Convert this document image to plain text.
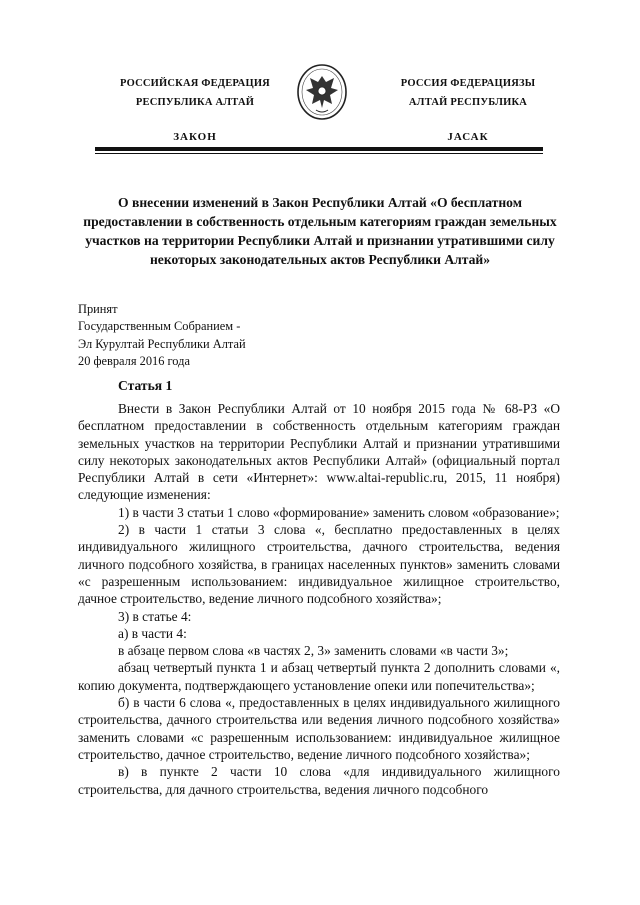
РОССИЙСКАЯ ФЕДЕРАЦИЯ
РЕСПУБЛИКА АЛТАЙ
ЗАКОН
РОССИЯ ФЕДЕРАЦИЯЗЫ
АЛТАЙ РЕСПУБЛИКА
JАСАК
О внесении изменений в Закон Республики Алтай «О бесплатном предоставлении в собственность отдельным категориям граждан земельных участков на территории Республики Алтай и признании утратившими силу некоторых законодательных актов Республики Алтай»
Принят
Государственным Собранием -
Эл Курултай Республики Алтай
20 февраля 2016 года
Статья 1

Внести в Закон Республики Алтай от 10 ноября 2015 года № 68-РЗ «О бесплатном предоставлении в собственность отдельным категориям граждан земельных участков на территории Республики Алтай и признании утратившими силу некоторых законодательных актов Республики Алтай» (официальный портал Республики Алтай в сети «Интернет»: www.altai-republic.ru, 2015, 11 ноября) следующие изменения:

1) в части 3 статьи 1 слово «формирование» заменить словом «образование»;

2) в части 1 статьи 3 слова «, бесплатно предоставленных в целях индивидуального жилищного строительства, дачного строительства, ведения личного подсобного хозяйства, в границах населенных пунктов» заменить словами «с разрешенным использованием: индивидуальное жилищное строительство, дачное строительство, ведение личного подсобного хозяйства»;

3) в статье 4:

а) в части 4:

в абзаце первом слова «в частях 2, 3» заменить словами «в части 3»;

абзац четвертый пункта 1 и абзац четвертый пункта 2 дополнить словами «, копию документа, подтверждающего установление опеки или попечительства»;

б) в части 6 слова «, предоставленных в целях индивидуального жилищного строительства, дачного строительства или ведения личного подсобного хозяйства» заменить словами «с разрешенным использованием: индивидуальное жилищное строительство, дачное строительство, ведение личного подсобного хозяйства»;

в) в пункте 2 части 10 слова «для индивидуального жилищного строительства, для дачного строительства, ведения личного подсобного
